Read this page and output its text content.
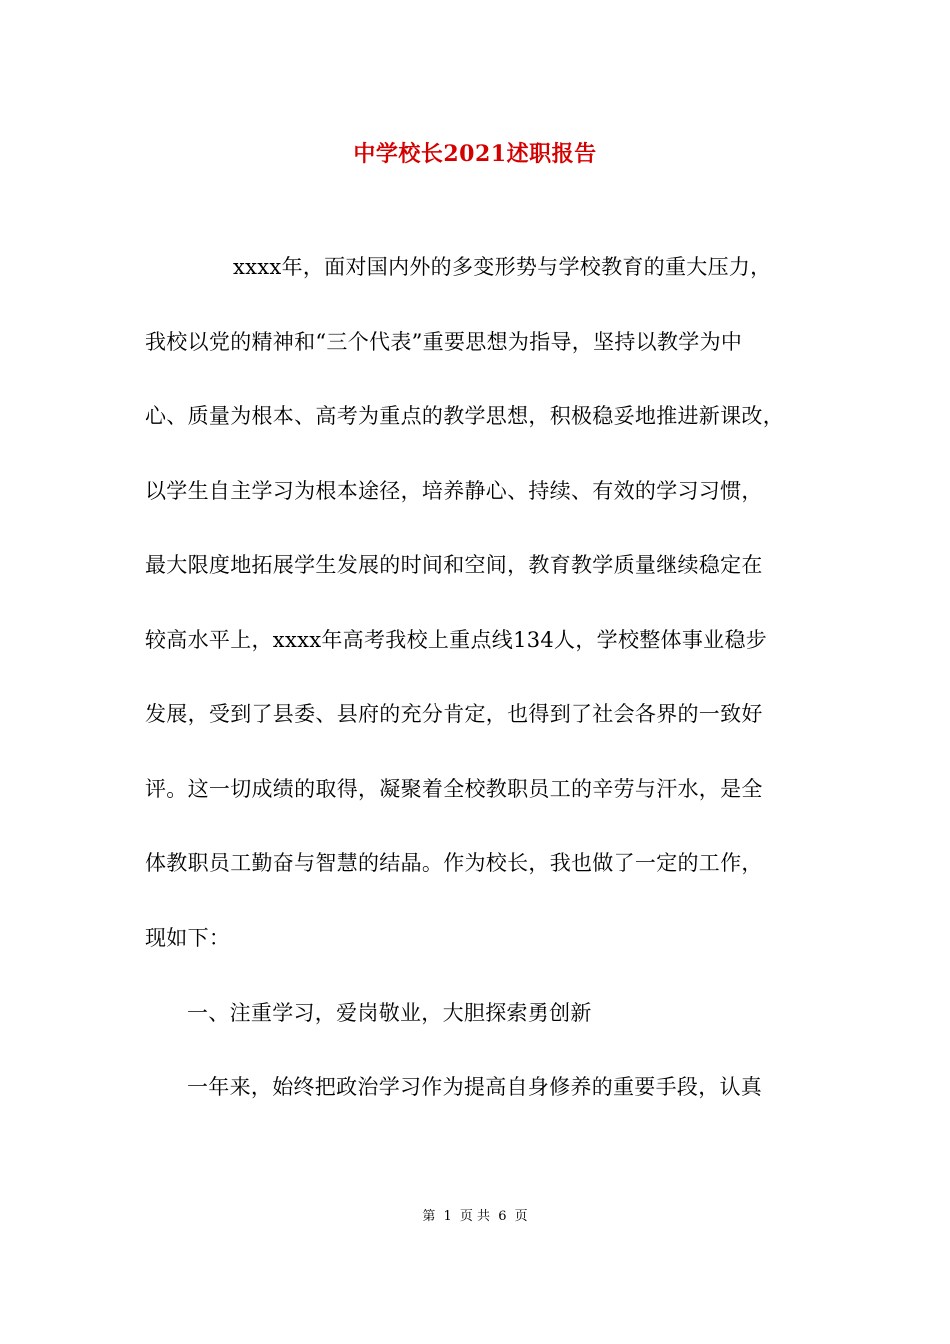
中学校长2021述职报告
xxxx年，面对国内外的多变形势与学校教育的重大压力，
我校以党的精神和“三个代表”重要思想为指导，坚持以教学为中
心、质量为根本、高考为重点的教学思想，积极稳妥地推进新课改，
以学生自主学习为根本途径，培养静心、持续、有效的学习习惯，
最大限度地拓展学生发展的时间和空间，教育教学质量继续稳定在
较高水平上，xxxx年高考我校上重点线134人，学校整体事业稳步
发展，受到了县委、县府的充分肯定，也得到了社会各界的一致好
评。这一切成绩的取得，凝聚着全校教职员工的辛劳与汗水，是全
体教职员工勤奋与智慧的结晶。作为校长，我也做了一定的工作，
现如下：
一、注重学习，爱岗敬业，大胆探索勇创新
一年来，始终把政治学习作为提高自身修养的重要手段，认真
第 1 页 共 6 页
